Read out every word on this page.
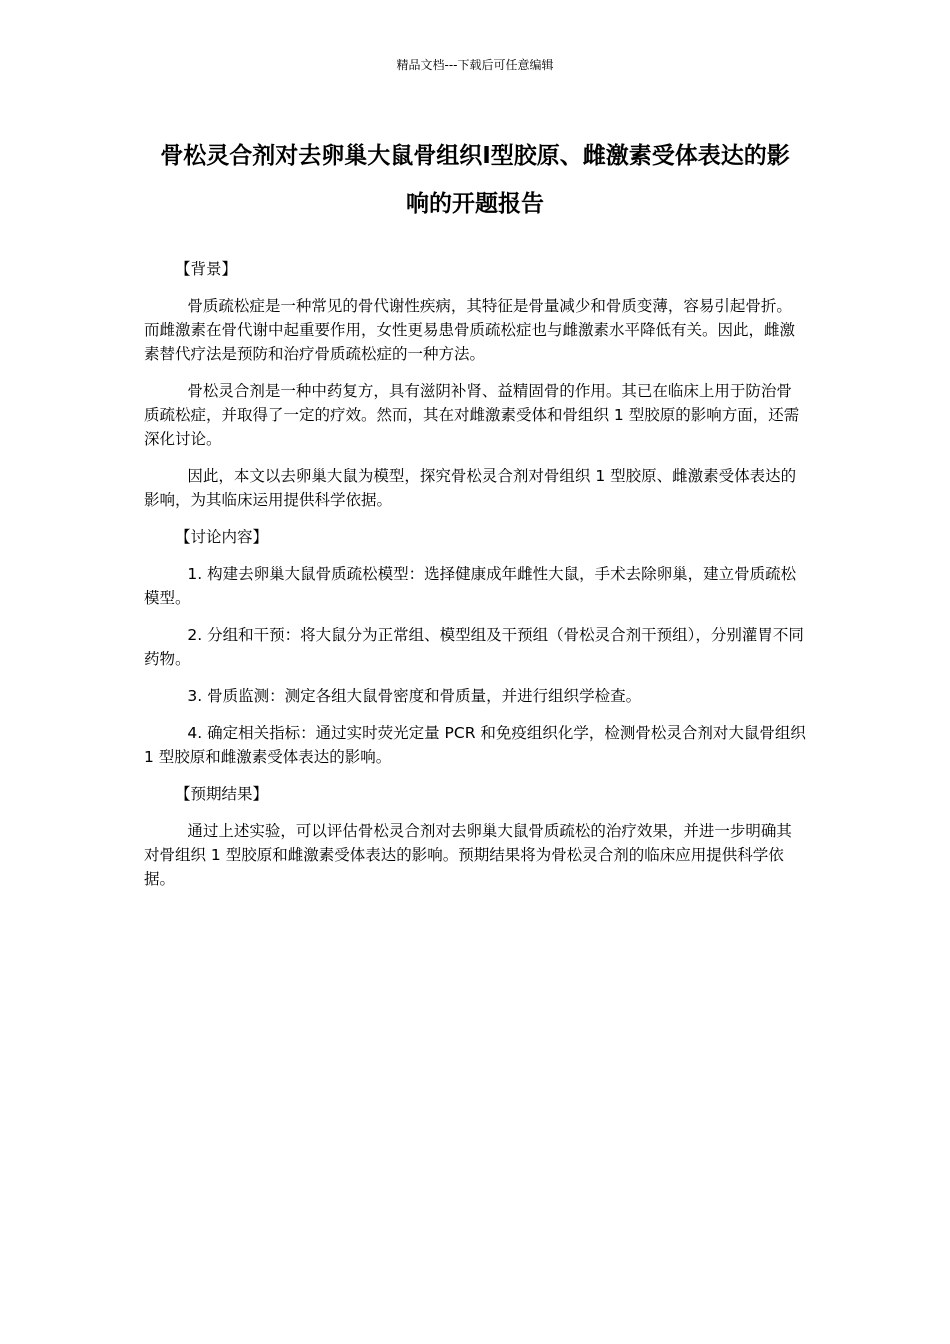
精品文档---下载后可任意编辑
骨松灵合剂对去卵巢大鼠骨组织Ⅰ型胶原、雌激素受体表达的影响的开题报告
【背景】

骨质疏松症是一种常见的骨代谢性疾病，其特征是骨量减少和骨质变薄，容易引起骨折。而雌激素在骨代谢中起重要作用，女性更易患骨质疏松症也与雌激素水平降低有关。因此，雌激素替代疗法是预防和治疗骨质疏松症的一种方法。

骨松灵合剂是一种中药复方，具有滋阴补肾、益精固骨的作用。其已在临床上用于防治骨质疏松症，并取得了一定的疗效。然而，其在对雌激素受体和骨组织 1 型胶原的影响方面，还需深化讨论。

因此，本文以去卵巢大鼠为模型，探究骨松灵合剂对骨组织 1 型胶原、雌激素受体表达的影响，为其临床运用提供科学依据。

【讨论内容】

1. 构建去卵巢大鼠骨质疏松模型：选择健康成年雌性大鼠，手术去除卵巢，建立骨质疏松模型。

2. 分组和干预：将大鼠分为正常组、模型组及干预组（骨松灵合剂干预组），分别灌胃不同药物。

3. 骨质监测：测定各组大鼠骨密度和骨质量，并进行组织学检查。

4. 确定相关指标：通过实时荧光定量 PCR 和免疫组织化学，检测骨松灵合剂对大鼠骨组织 1 型胶原和雌激素受体表达的影响。

【预期结果】

通过上述实验，可以评估骨松灵合剂对去卵巢大鼠骨质疏松的治疗效果，并进一步明确其对骨组织 1 型胶原和雌激素受体表达的影响。预期结果将为骨松灵合剂的临床应用提供科学依据。
